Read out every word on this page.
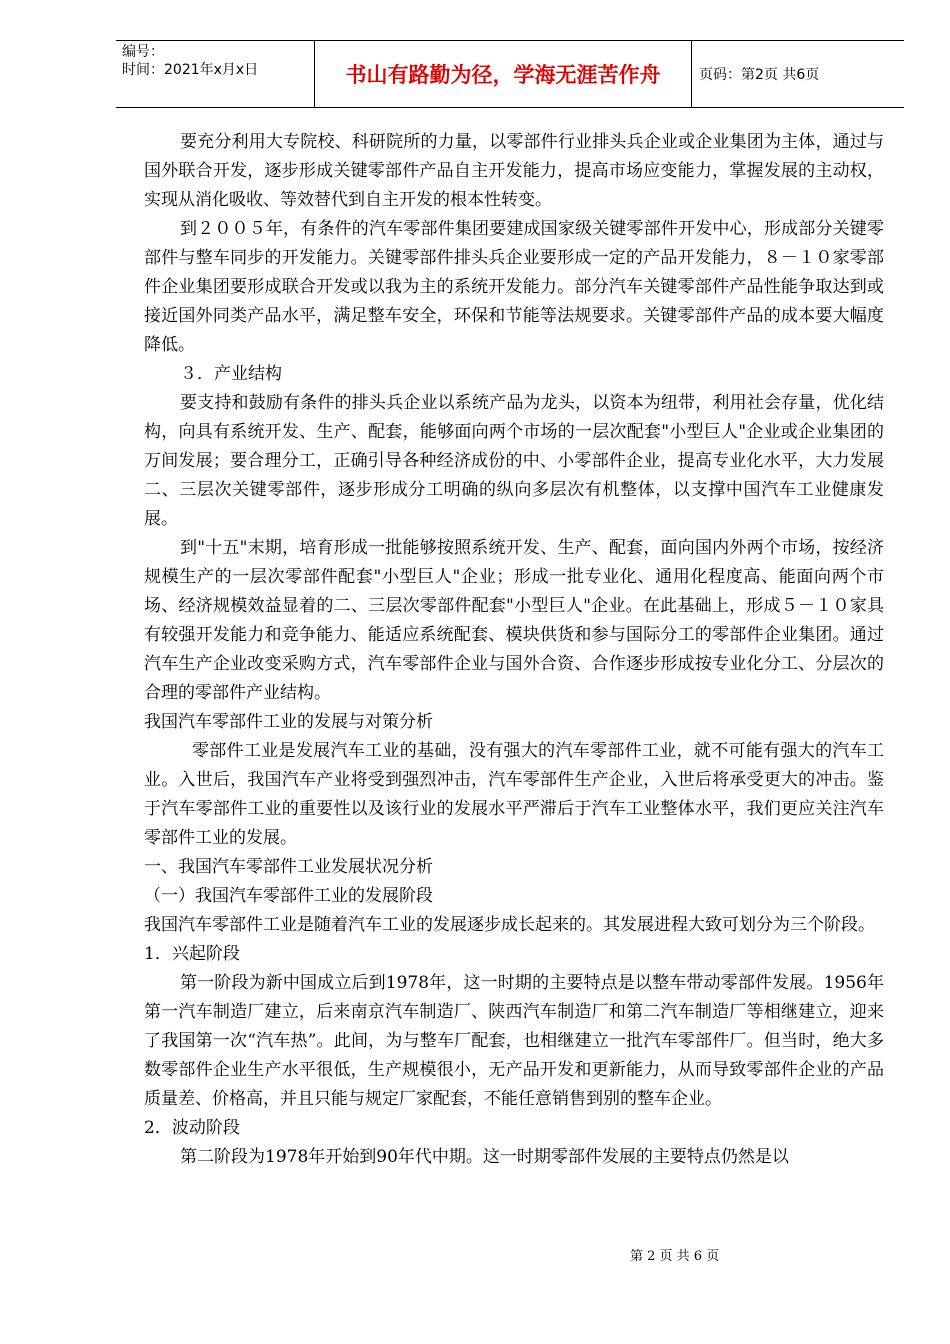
编号：
时间：2021年x月x日	书山有路勤为径，学海无涯苦作舟	页码：第2页 共6页

要充分利用大专院校、科研院所的力量，以零部件行业排头兵企业或企业集团为主体，通过与国外联合开发，逐步形成关键零部件产品自主开发能力，提高市场应变能力，掌握发展的主动权，实现从消化吸收、等效替代到自主开发的根本性转变。

到２００５年，有条件的汽车零部件集团要建成国家级关键零部件开发中心，形成部分关键零部件与整车同步的开发能力。关键零部件排头兵企业要形成一定的产品开发能力，８－１０家零部件企业集团要形成联合开发或以我为主的系统开发能力。部分汽车关键零部件产品性能争取达到或接近国外同类产品水平，满足整车安全，环保和节能等法规要求。关键零部件产品的成本要大幅度降低。

３．产业结构

要支持和鼓励有条件的排头兵企业以系统产品为龙头，以资本为纽带，利用社会存量，优化结构，向具有系统开发、生产、配套，能够面向两个市场的一层次配套"小型巨人"企业或企业集团的万间发展；要合理分工，正确引导各种经济成份的中、小零部件企业，提高专业化水平，大力发展二、三层次关键零部件，逐步形成分工明确的纵向多层次有机整体，以支撑中国汽车工业健康发展。

到"十五"末期，培育形成一批能够按照系统开发、生产、配套，面向国内外两个市场，按经济规模生产的一层次零部件配套"小型巨人"企业；形成一批专业化、通用化程度高、能面向两个市场、经济规模效益显着的二、三层次零部件配套"小型巨人"企业。在此基础上，形成５－１０家具有较强开发能力和竞争能力、能适应系统配套、模块供货和参与国际分工的零部件企业集团。通过汽车生产企业改变采购方式，汽车零部件企业与国外合资、合作逐步形成按专业化分工、分层次的合理的零部件产业结构。

我国汽车零部件工业的发展与对策分析

零部件工业是发展汽车工业的基础，没有强大的汽车零部件工业，就不可能有强大的汽车工业。入世后，我国汽车产业将受到强烈冲击，汽车零部件生产企业，入世后将承受更大的冲击。鉴于汽车零部件工业的重要性以及该行业的发展水平严滞后于汽车工业整体水平，我们更应关注汽车零部件工业的发展。

一、我国汽车零部件工业发展状况分析

（一）我国汽车零部件工业的发展阶段

我国汽车零部件工业是随着汽车工业的发展逐步成长起来的。其发展进程大致可划分为三个阶段。

1．兴起阶段

第一阶段为新中国成立后到1978年，这一时期的主要特点是以整车带动零部件发展。1956年第一汽车制造厂建立，后来南京汽车制造厂、陕西汽车制造厂和第二汽车制造厂等相继建立，迎来了我国第一次“汽车热”。此间，为与整车厂配套，也相继建立一批汽车零部件厂。但当时，绝大多数零部件企业生产水平很低，生产规模很小，无产品开发和更新能力，从而导致零部件企业的产品质量差、价格高，并且只能与规定厂家配套，不能任意销售到别的整车企业。

2．波动阶段

第二阶段为1978年开始到90年代中期。这一时期零部件发展的主要特点仍然是以

第 2 页 共 6 页
